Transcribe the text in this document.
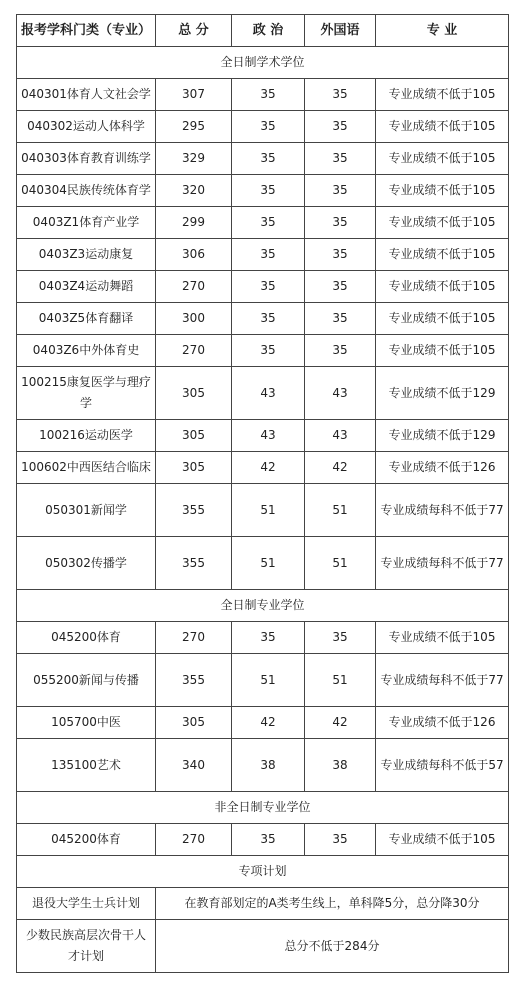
报考学科门类（专业）	总 分	政 治	外国语	专 业
全日制学术学位				
040301体育人文社会学	307	35	35	专业成绩不低于105
040302运动人体科学	295	35	35	专业成绩不低于105
040303体育教育训练学	329	35	35	专业成绩不低于105
040304民族传统体育学	320	35	35	专业成绩不低于105
0403Z1体育产业学	299	35	35	专业成绩不低于105
0403Z3运动康复	306	35	35	专业成绩不低于105
0403Z4运动舞蹈	270	35	35	专业成绩不低于105
0403Z5体育翻译	300	35	35	专业成绩不低于105
0403Z6中外体育史	270	35	35	专业成绩不低于105
100215康复医学与理疗学	305	43	43	专业成绩不低于129
100216运动医学	305	43	43	专业成绩不低于129
100602中西医结合临床	305	42	42	专业成绩不低于126
050301新闻学	355	51	51	专业成绩每科不低于77
050302传播学	355	51	51	专业成绩每科不低于77
全日制专业学位				
045200体育	270	35	35	专业成绩不低于105
055200新闻与传播	355	51	51	专业成绩每科不低于77
105700中医	305	42	42	专业成绩不低于126
135100艺术	340	38	38	专业成绩每科不低于57
非全日制专业学位				
045200体育	270	35	35	专业成绩不低于105
专项计划				
退役大学生士兵计划	在教育部划定的A类考生线上，单科降5分，总分降30分			
少数民族高层次骨干人才计划	总分不低于284分			
